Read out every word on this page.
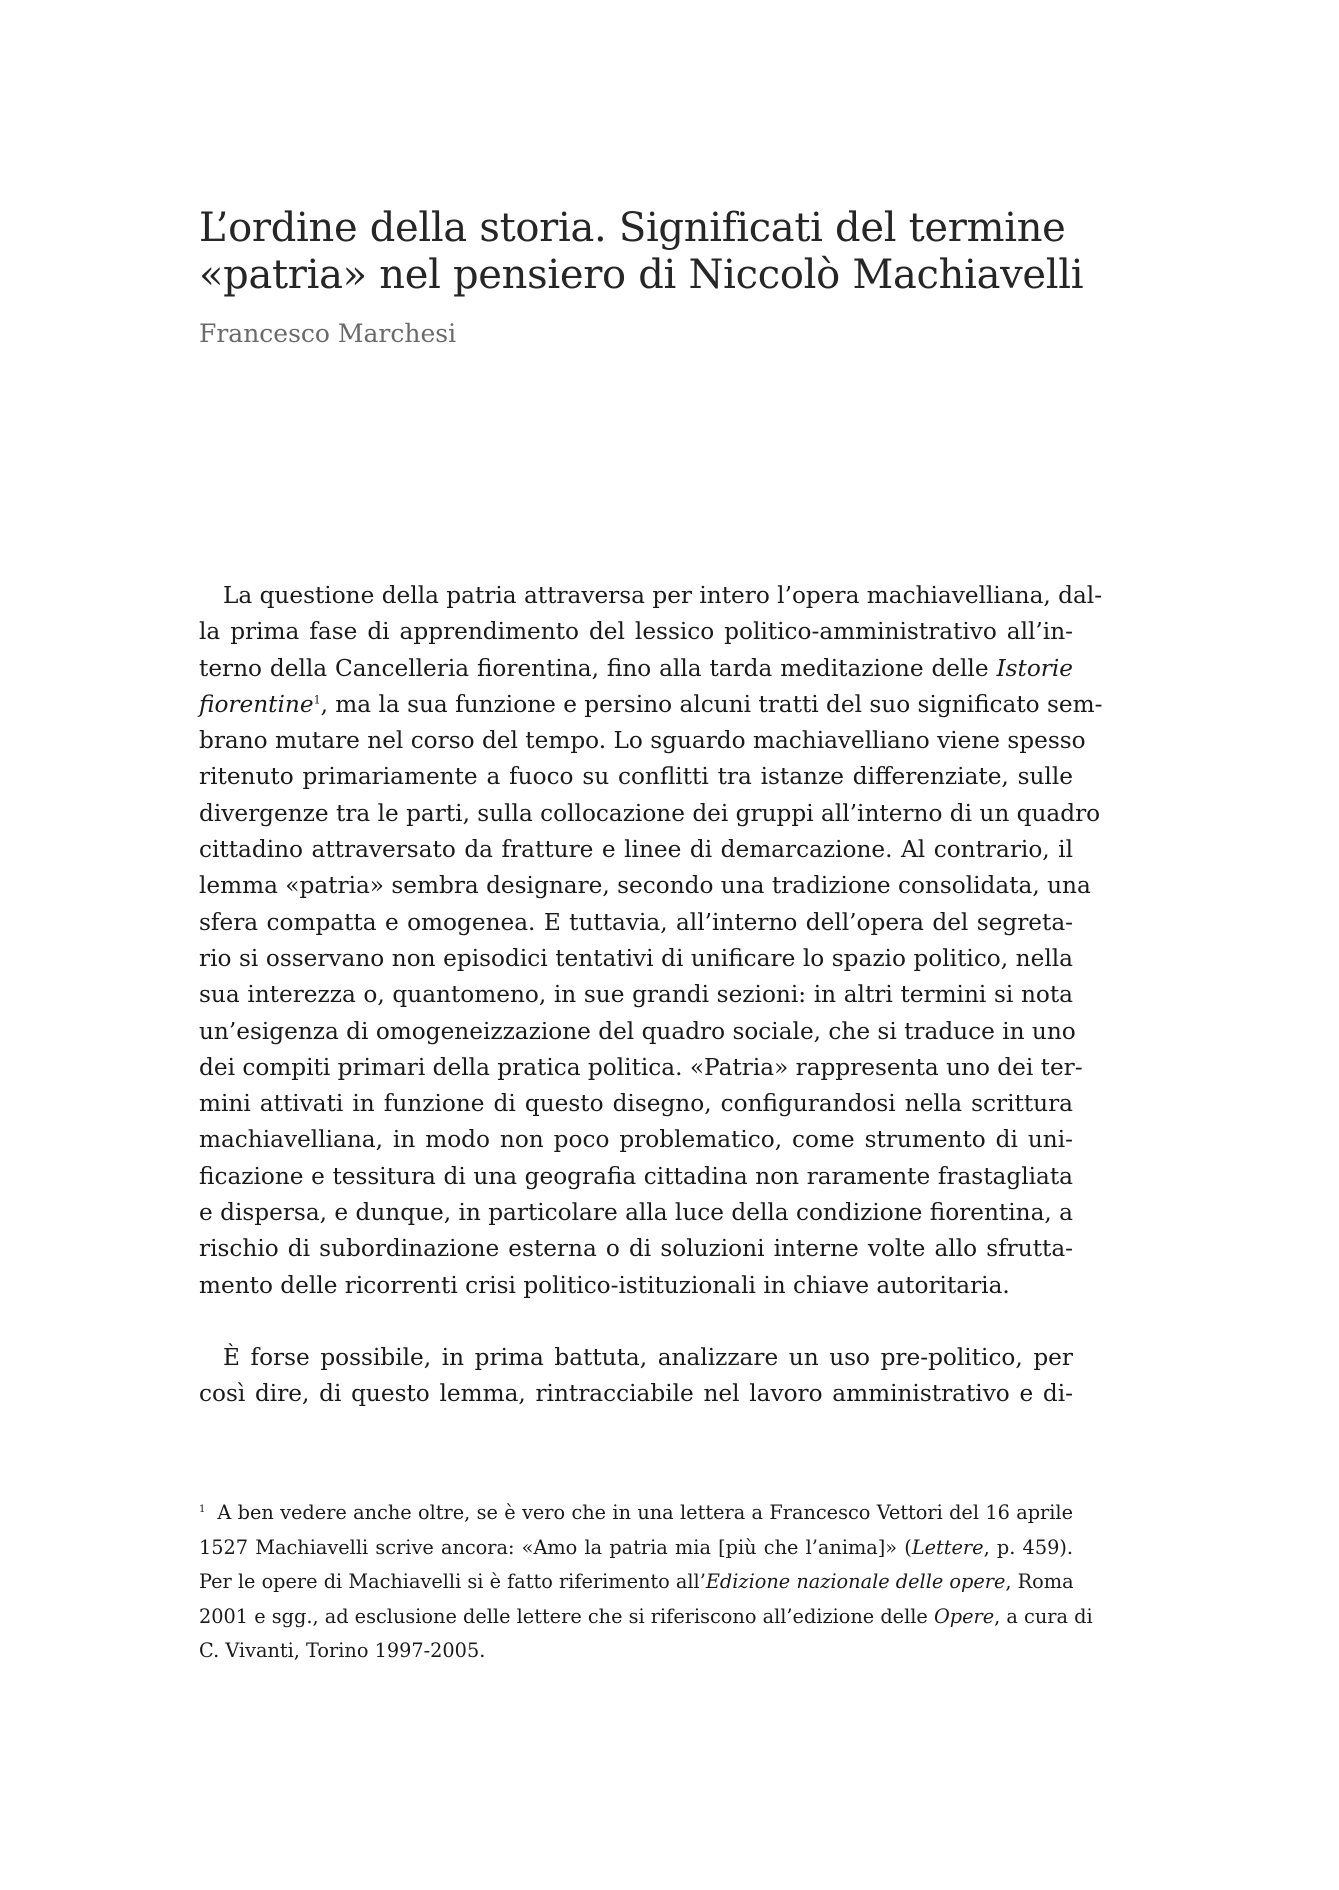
L’ordine della storia. Significati del termine
«patria» nel pensiero di Niccolò Machiavelli

Francesco Marchesi

La questione della patria attraversa per intero l’opera machiavelliana, dal-
la prima fase di apprendimento del lessico politico-amministrativo all’in-
terno della Cancelleria fiorentina, fino alla tarda meditazione delle Istorie
fiorentine$^1$, ma la sua funzione e persino alcuni tratti del suo significato sem-
brano mutare nel corso del tempo. Lo sguardo machiavelliano viene spesso
ritenuto primariamente a fuoco su conflitti tra istanze differenziate, sulle
divergenze tra le parti, sulla collocazione dei gruppi all’interno di un quadro
cittadino attraversato da fratture e linee di demarcazione. Al contrario, il
lemma «patria» sembra designare, secondo una tradizione consolidata, una
sfera compatta e omogenea. E tuttavia, all’interno dell’opera del segreta-
rio si osservano non episodici tentativi di unificare lo spazio politico, nella
sua interezza o, quantomeno, in sue grandi sezioni: in altri termini si nota
un’esigenza di omogeneizzazione del quadro sociale, che si traduce in uno
dei compiti primari della pratica politica. «Patria» rappresenta uno dei ter-
mini attivati in funzione di questo disegno, configurandosi nella scrittura
machiavelliana, in modo non poco problematico, come strumento di uni-
ficazione e tessitura di una geografia cittadina non raramente frastagliata
e dispersa, e dunque, in particolare alla luce della condizione fiorentina, a
rischio di subordinazione esterna o di soluzioni interne volte allo sfrutta-
mento delle ricorrenti crisi politico-istituzionali in chiave autoritaria.
È forse possibile, in prima battuta, analizzare un uso pre-politico, per
così dire, di questo lemma, rintracciabile nel lavoro amministrativo e di-
$^1$ A ben vedere anche oltre, se è vero che in una lettera a Francesco Vettori del 16 aprile
1527 Machiavelli scrive ancora: «Amo la patria mia [più che l’anima]» (Lettere, p. 459).
Per le opere di Machiavelli si è fatto riferimento all’Edizione nazionale delle opere, Roma
2001 e sgg., ad esclusione delle lettere che si riferiscono all’edizione delle Opere, a cura di
C. Vivanti, Torino 1997-2005.
